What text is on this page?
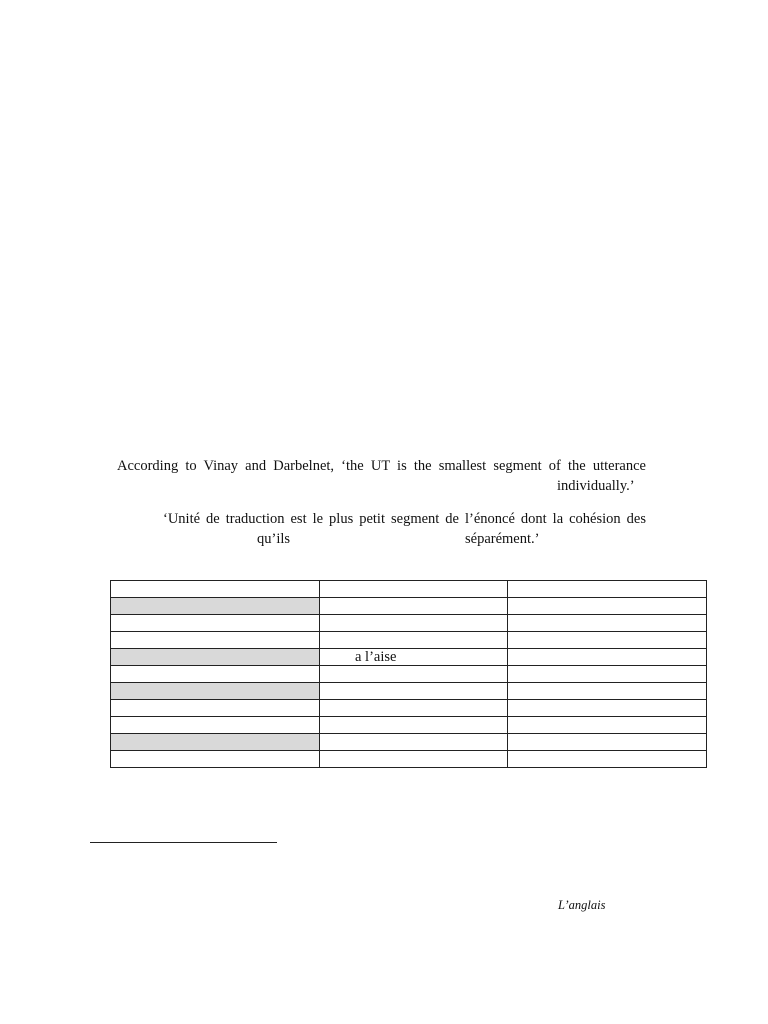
According to Vinay and Darbelnet, ‘the UT is the smallest segment of the utterance
individually.’
‘Unité de traduction est le plus petit segment de l’énoncé dont la cohésion des
qu’ils	séparément.’

	a l’aise	

L’anglais
